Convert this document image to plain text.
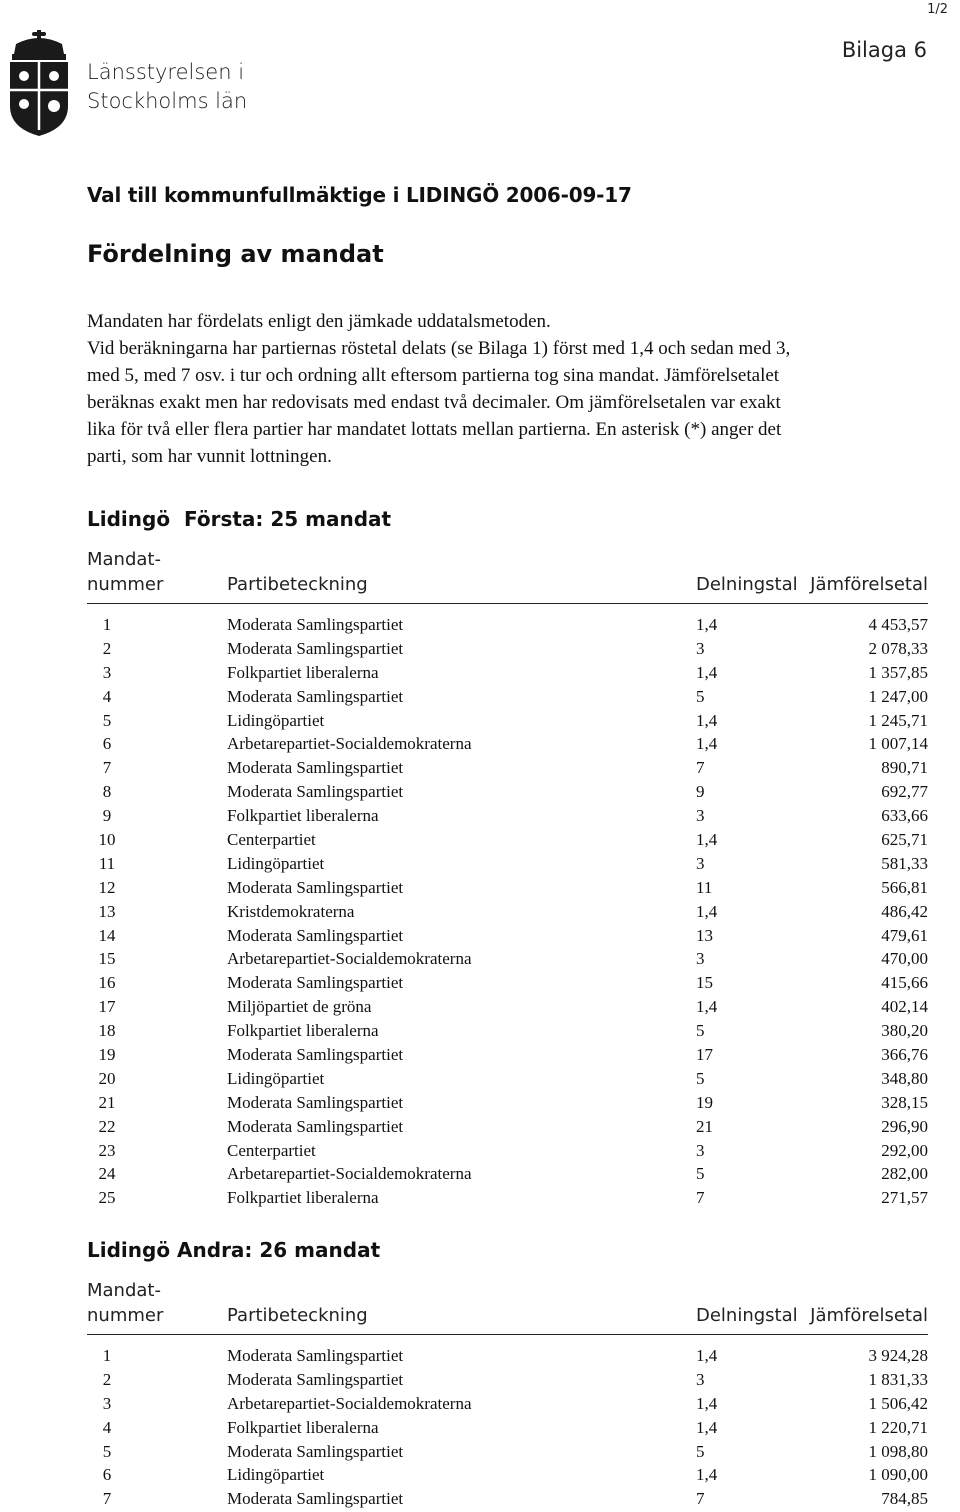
1/2
Länsstyrelsen i
Stockholms län
Bilaga 6
Val till kommunfullmäktige i LIDINGÖ 2006-09-17
Fördelning av mandat

Mandaten har fördelats enligt den jämkade uddatalsmetoden.

Vid beräkningarna har partiernas röstetal delats (se Bilaga 1) först med 1,4 och sedan med 3,

med 5, med 7 osv. i tur och ordning allt eftersom partierna tog sina mandat. Jämförelsetalet

beräknas exakt men har redovisats med endast två decimaler. Om jämförelsetalen var exakt

lika för två eller flera partier har mandatet lottats mellan partierna. En asterisk (*) anger det

parti, som har vunnit lottningen.

Lidingö  Första: 25 mandat
Mandat-
nummer	Partibeteckning	Delningstal Jämförelsetal
1	Moderata Samlingspartiet	1,4	4 453,57
2	Moderata Samlingspartiet	3	2 078,33
3	Folkpartiet liberalerna	1,4	1 357,85
4	Moderata Samlingspartiet	5	1 247,00
5	Lidingöpartiet	1,4	1 245,71
6	Arbetarepartiet-Socialdemokraterna	1,4	1 007,14
7	Moderata Samlingspartiet	7	890,71
8	Moderata Samlingspartiet	9	692,77
9	Folkpartiet liberalerna	3	633,66
10	Centerpartiet	1,4	625,71
11	Lidingöpartiet	3	581,33
12	Moderata Samlingspartiet	11	566,81
13	Kristdemokraterna	1,4	486,42
14	Moderata Samlingspartiet	13	479,61
15	Arbetarepartiet-Socialdemokraterna	3	470,00
16	Moderata Samlingspartiet	15	415,66
17	Miljöpartiet de gröna	1,4	402,14
18	Folkpartiet liberalerna	5	380,20
19	Moderata Samlingspartiet	17	366,76
20	Lidingöpartiet	5	348,80
21	Moderata Samlingspartiet	19	328,15
22	Moderata Samlingspartiet	21	296,90
23	Centerpartiet	3	292,00
24	Arbetarepartiet-Socialdemokraterna	5	282,00
25	Folkpartiet liberalerna	7	271,57
Lidingö Andra: 26 mandat
Mandat-
nummer	Partibeteckning	Delningstal Jämförelsetal
1	Moderata Samlingspartiet	1,4	3 924,28
2	Moderata Samlingspartiet	3	1 831,33
3	Arbetarepartiet-Socialdemokraterna	1,4	1 506,42
4	Folkpartiet liberalerna	1,4	1 220,71
5	Moderata Samlingspartiet	5	1 098,80
6	Lidingöpartiet	1,4	1 090,00
7	Moderata Samlingspartiet	7	784,85
